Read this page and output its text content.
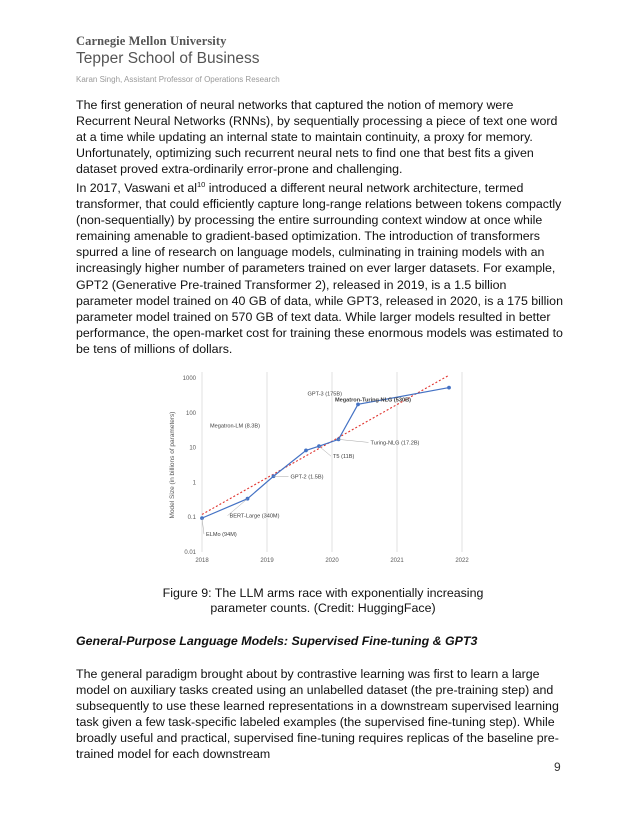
Carnegie Mellon University
Tepper School of Business
Karan Singh, Assistant Professor of Operations Research
The first generation of neural networks that captured the notion of memory were Recurrent Neural Networks (RNNs), by sequentially processing a piece of text one word at a time while updating an internal state to maintain continuity, a proxy for memory. Unfortunately, optimizing such recurrent neural nets to find one that best fits a given dataset proved extra-ordinarily error-prone and challenging.
In 2017, Vaswani et $al^{10}$ introduced a different neural network architecture, termed transformer, that could efficiently capture long-range relations between tokens compactly (non-sequentially) by processing the entire surrounding context window at once while remaining amenable to gradient-based optimization. The introduction of transformers spurred a line of research on language models, culminating in training models with an increasingly higher number of parameters trained on ever larger datasets. For example, GPT2 (Generative Pre-trained Transformer 2), released in 2019, is a 1.5 billion parameter model trained on 40 GB of data, while GPT3, released in 2020, is a 175 billion parameter model trained on 570 GB of text data. While larger models resulted in better performance, the open-market cost for training these enormous models was estimated to be tens of millions of dollars.
2018	2019	2020	2021	2022
0.01
0.1
1
10
100
1000
Model Size (in billions of parameters)
ELMo (94M)
BERT-Large (340M)
GPT-2 (1.5B)
Megatron-LM (8.3B)
T5 (11B)
Turing-NLG (17.2B)
GPT-3 (175B)
Megatron-Turing NLG (530B)
Figure 9: The LLM arms race with exponentially increasing parameter counts. (Credit: HuggingFace)
General-Purpose Language Models: Supervised Fine-tuning & GPT3
The general paradigm brought about by contrastive learning was first to learn a large model on auxiliary tasks created using an unlabelled dataset (the pre-training step) and subsequently to use these learned representations in a downstream supervised learning task given a few task-specific labeled examples (the supervised fine-tuning step). While broadly useful and practical, supervised fine-tuning requires replicas of the baseline pre-trained model for each downstream
9
